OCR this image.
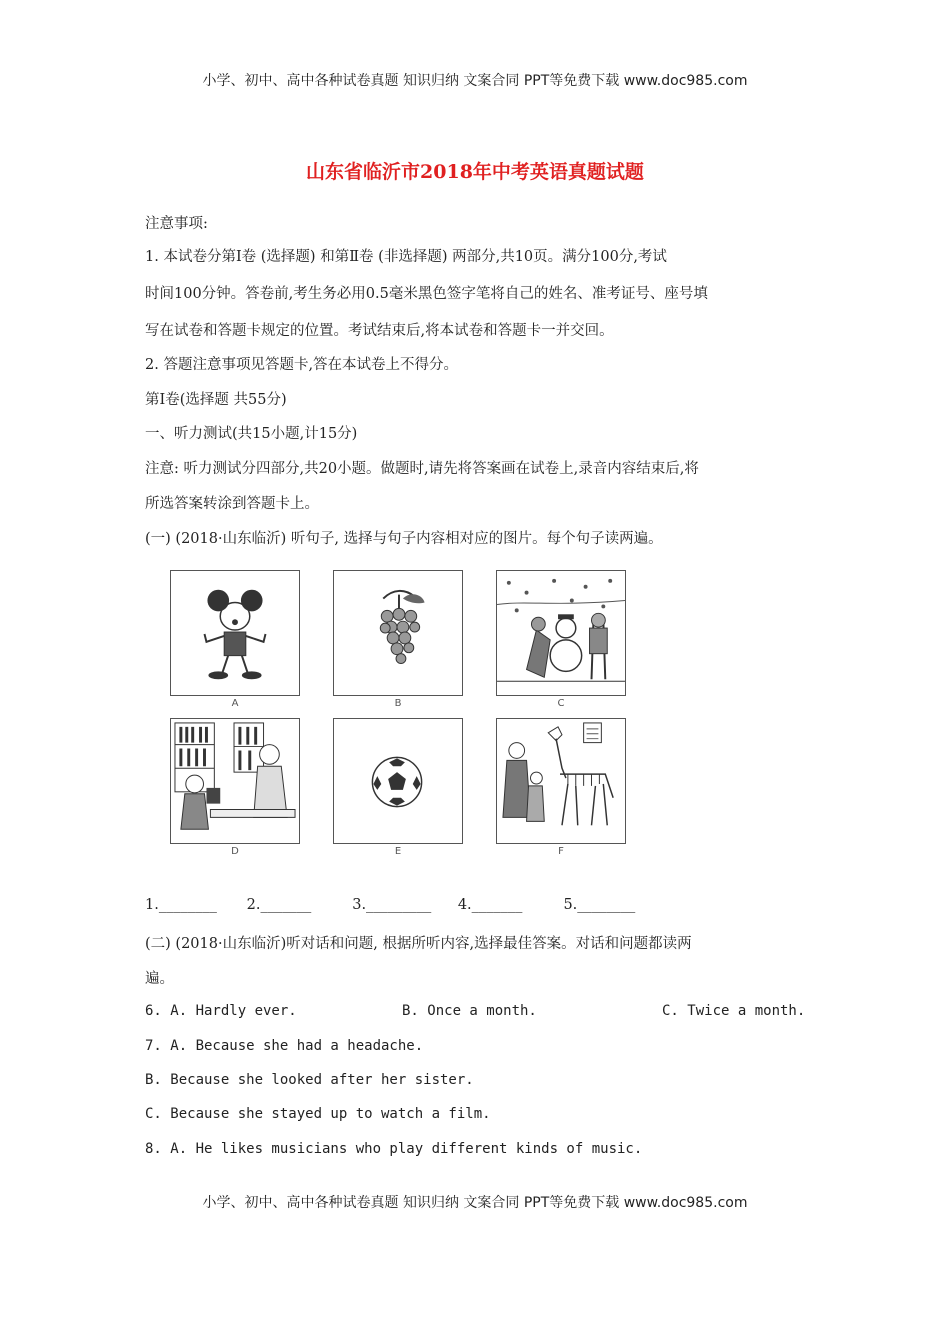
小学、初中、高中各种试卷真题 知识归纳 文案合同 PPT等免费下载 www.doc985.com
山东省临沂市2018年中考英语真题试题
注意事项:
1. 本试卷分第Ⅰ卷 (选择题) 和第Ⅱ卷 (非选择题) 两部分,共10页。满分100分,考试
时间100分钟。答卷前,考生务必用0.5毫米黑色签字笔将自己的姓名、准考证号、座号填
写在试卷和答题卡规定的位置。考试结束后,将本试卷和答题卡一并交回。
2. 答题注意事项见答题卡,答在本试卷上不得分。
第Ⅰ卷(选择题 共55分)
一、听力测试(共15小题,计15分)
注意: 听力测试分四部分,共20小题。做题时,请先将答案画在试卷上,录音内容结束后,将
所选答案转涂到答题卡上。
(一) (2018·山东临沂) 听句子, 选择与句子内容相对应的图片。每个句子读两遍。
A	B	C
D	E	F
1.________ 2._______	3._________ 4._______	5.________
(二) (2018·山东临沂)听对话和问题, 根据所听内容,选择最佳答案。对话和问题都读两
遍。
6. A. Hardly ever.	B. Once a month.	C. Twice a month.
7. A. Because she had a headache.
B. Because she looked after her sister.
C. Because she stayed up to watch a film.
8. A. He likes musicians who play different kinds of music.
小学、初中、高中各种试卷真题 知识归纳 文案合同 PPT等免费下载 www.doc985.com
